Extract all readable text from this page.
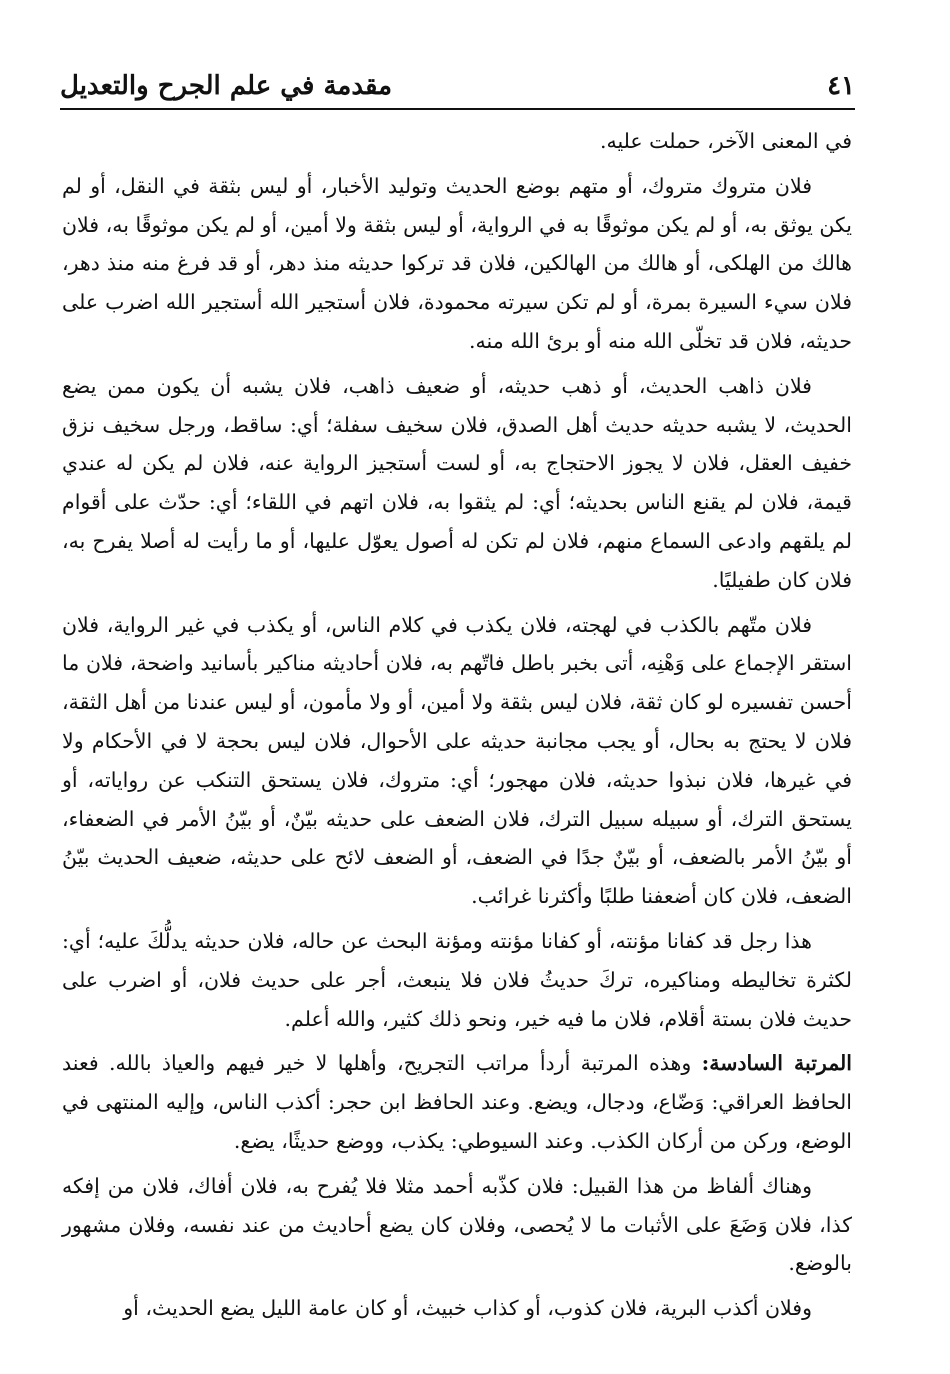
مقدمة في علم الجرح والتعديل	٤١

في المعنى الآخر، حملت عليه.

فلان متروك متروك، أو متهم بوضع الحديث وتوليد الأخبار، أو ليس بثقة في النقل، أو لم يكن يوثق به، أو لم يكن موثوقًا به في الرواية، أو ليس بثقة ولا أمين، أو لم يكن موثوقًا به، فلان هالك من الهلكى، أو هالك من الهالكين، فلان قد تركوا حديثه منذ دهر، أو قد فرغ منه منذ دهر، فلان سيء السيرة بمرة، أو لم تكن سيرته محمودة، فلان أستجير الله أستجير الله اضرب على حديثه، فلان قد تخلّى الله منه أو برئ الله منه.

فلان ذاهب الحديث، أو ذهب حديثه، أو ضعيف ذاهب، فلان يشبه أن يكون ممن يضع الحديث، لا يشبه حديثه حديث أهل الصدق، فلان سخيف سفلة؛ أي: ساقط، ورجل سخيف نزق خفيف العقل، فلان لا يجوز الاحتجاج به، أو لست أستجيز الرواية عنه، فلان لم يكن له عندي قيمة، فلان لم يقنع الناس بحديثه؛ أي: لم يثقوا به، فلان اتهم في اللقاء؛ أي: حدّث على أقوام لم يلقهم وادعى السماع منهم، فلان لم تكن له أصول يعوّل عليها، أو ما رأيت له أصلا يفرح به، فلان كان طفيليًا.

فلان متّهم بالكذب في لهجته، فلان يكذب في كلام الناس، أو يكذب في غير الرواية، فلان استقر الإجماع على وَهْنِه، أتى بخبر باطل فاتّهم به، فلان أحاديثه مناكير بأسانيد واضحة، فلان ما أحسن تفسيره لو كان ثقة، فلان ليس بثقة ولا أمين، أو ولا مأمون، أو ليس عندنا من أهل الثقة، فلان لا يحتج به بحال، أو يجب مجانبة حديثه على الأحوال، فلان ليس بحجة لا في الأحكام ولا في غيرها، فلان نبذوا حديثه، فلان مهجور؛ أي: متروك، فلان يستحق التنكب عن رواياته، أو يستحق الترك، أو سبيله سبيل الترك، فلان الضعف على حديثه بيّنٌ، أو بيّنُ الأمر في الضعفاء، أو بيّنُ الأمر بالضعف، أو بيّنٌ جدًا في الضعف، أو الضعف لائح على حديثه، ضعيف الحديث بيّنُ الضعف، فلان كان أضعفنا طلبًا وأكثرنا غرائب.

هذا رجل قد كفانا مؤنته، أو كفانا مؤنته ومؤنة البحث عن حاله، فلان حديثه يدلُّكَ عليه؛ أي: لكثرة تخاليطه ومناكيره، تركَ حديثُ فلان فلا ينبعث، أجر على حديث فلان، أو اضرب على حديث فلان بستة أقلام، فلان ما فيه خير، ونحو ذلك كثير، والله أعلم.

المرتبة السادسة: وهذه المرتبة أردأ مراتب التجريح، وأهلها لا خير فيهم والعياذ بالله. فعند الحافظ العراقي: وَضّاع، ودجال، ويضع. وعند الحافظ ابن حجر: أكذب الناس، وإليه المنتهى في الوضع، وركن من أركان الكذب. وعند السيوطي: يكذب، ووضع حديثًا، يضع.

وهناك ألفاظ من هذا القبيل: فلان كذّبه أحمد مثلا فلا يُفرح به، فلان أفاك، فلان من إفكه كذا، فلان وَضَعَ على الأثبات ما لا يُحصى، وفلان كان يضع أحاديث من عند نفسه، وفلان مشهور بالوضع.

وفلان أكذب البرية، فلان كذوب، أو كذاب خبيث، أو كان عامة الليل يضع الحديث، أو
